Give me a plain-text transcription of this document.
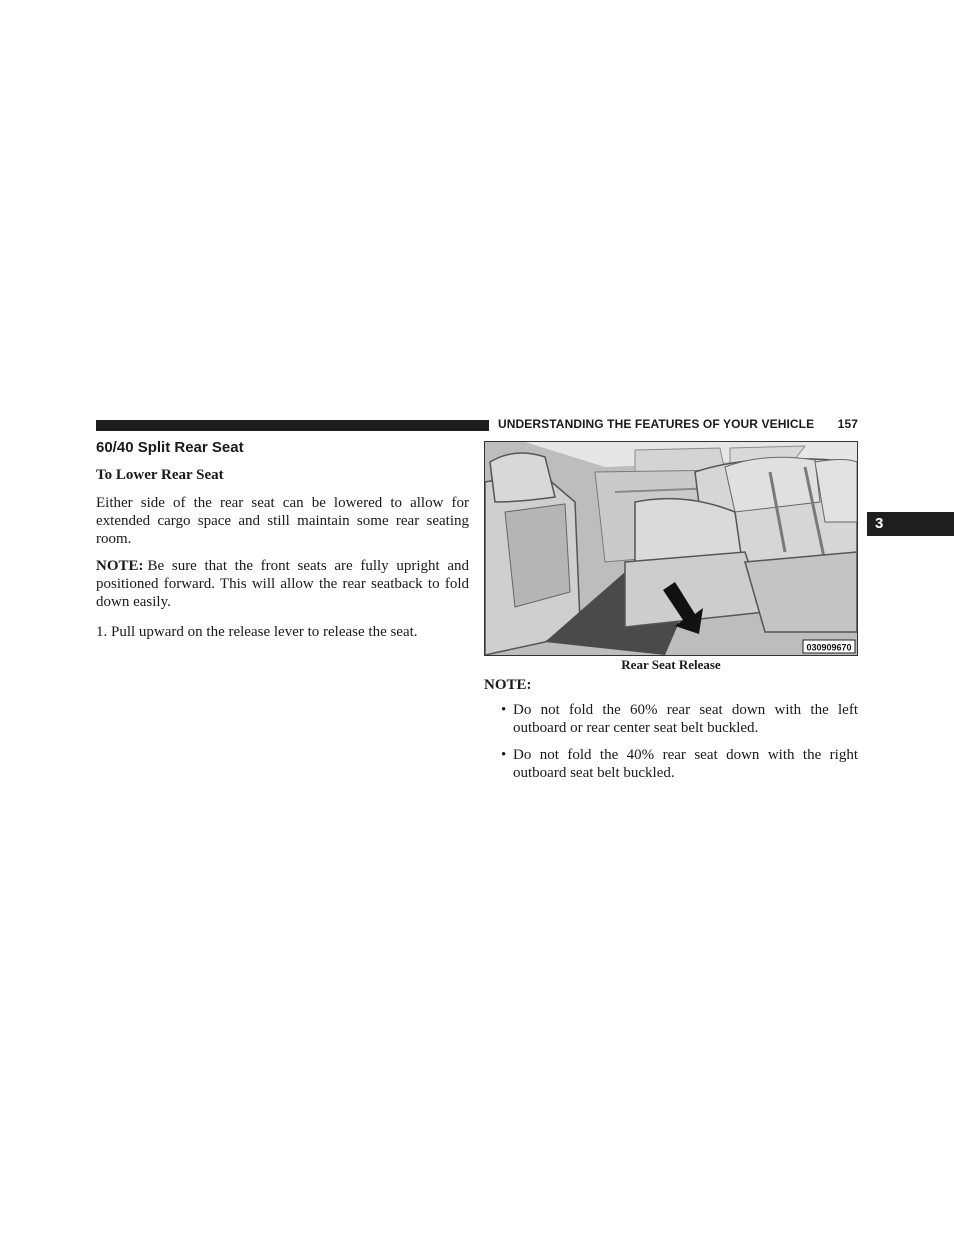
UNDERSTANDING THE FEATURES OF YOUR VEHICLE 157
3
60/40 Split Rear Seat
To Lower Rear Seat

Either side of the rear seat can be lowered to allow for extended cargo space and still maintain some rear seating room.

NOTE: Be sure that the front seats are fully upright and positioned forward. This will allow the rear seatback to fold down easily.

1. Pull upward on the release lever to release the seat.

030909670
Rear Seat Release
NOTE:
• Do not fold the 60% rear seat down with the left outboard or rear center seat belt buckled.
• Do not fold the 40% rear seat down with the right outboard seat belt buckled.
